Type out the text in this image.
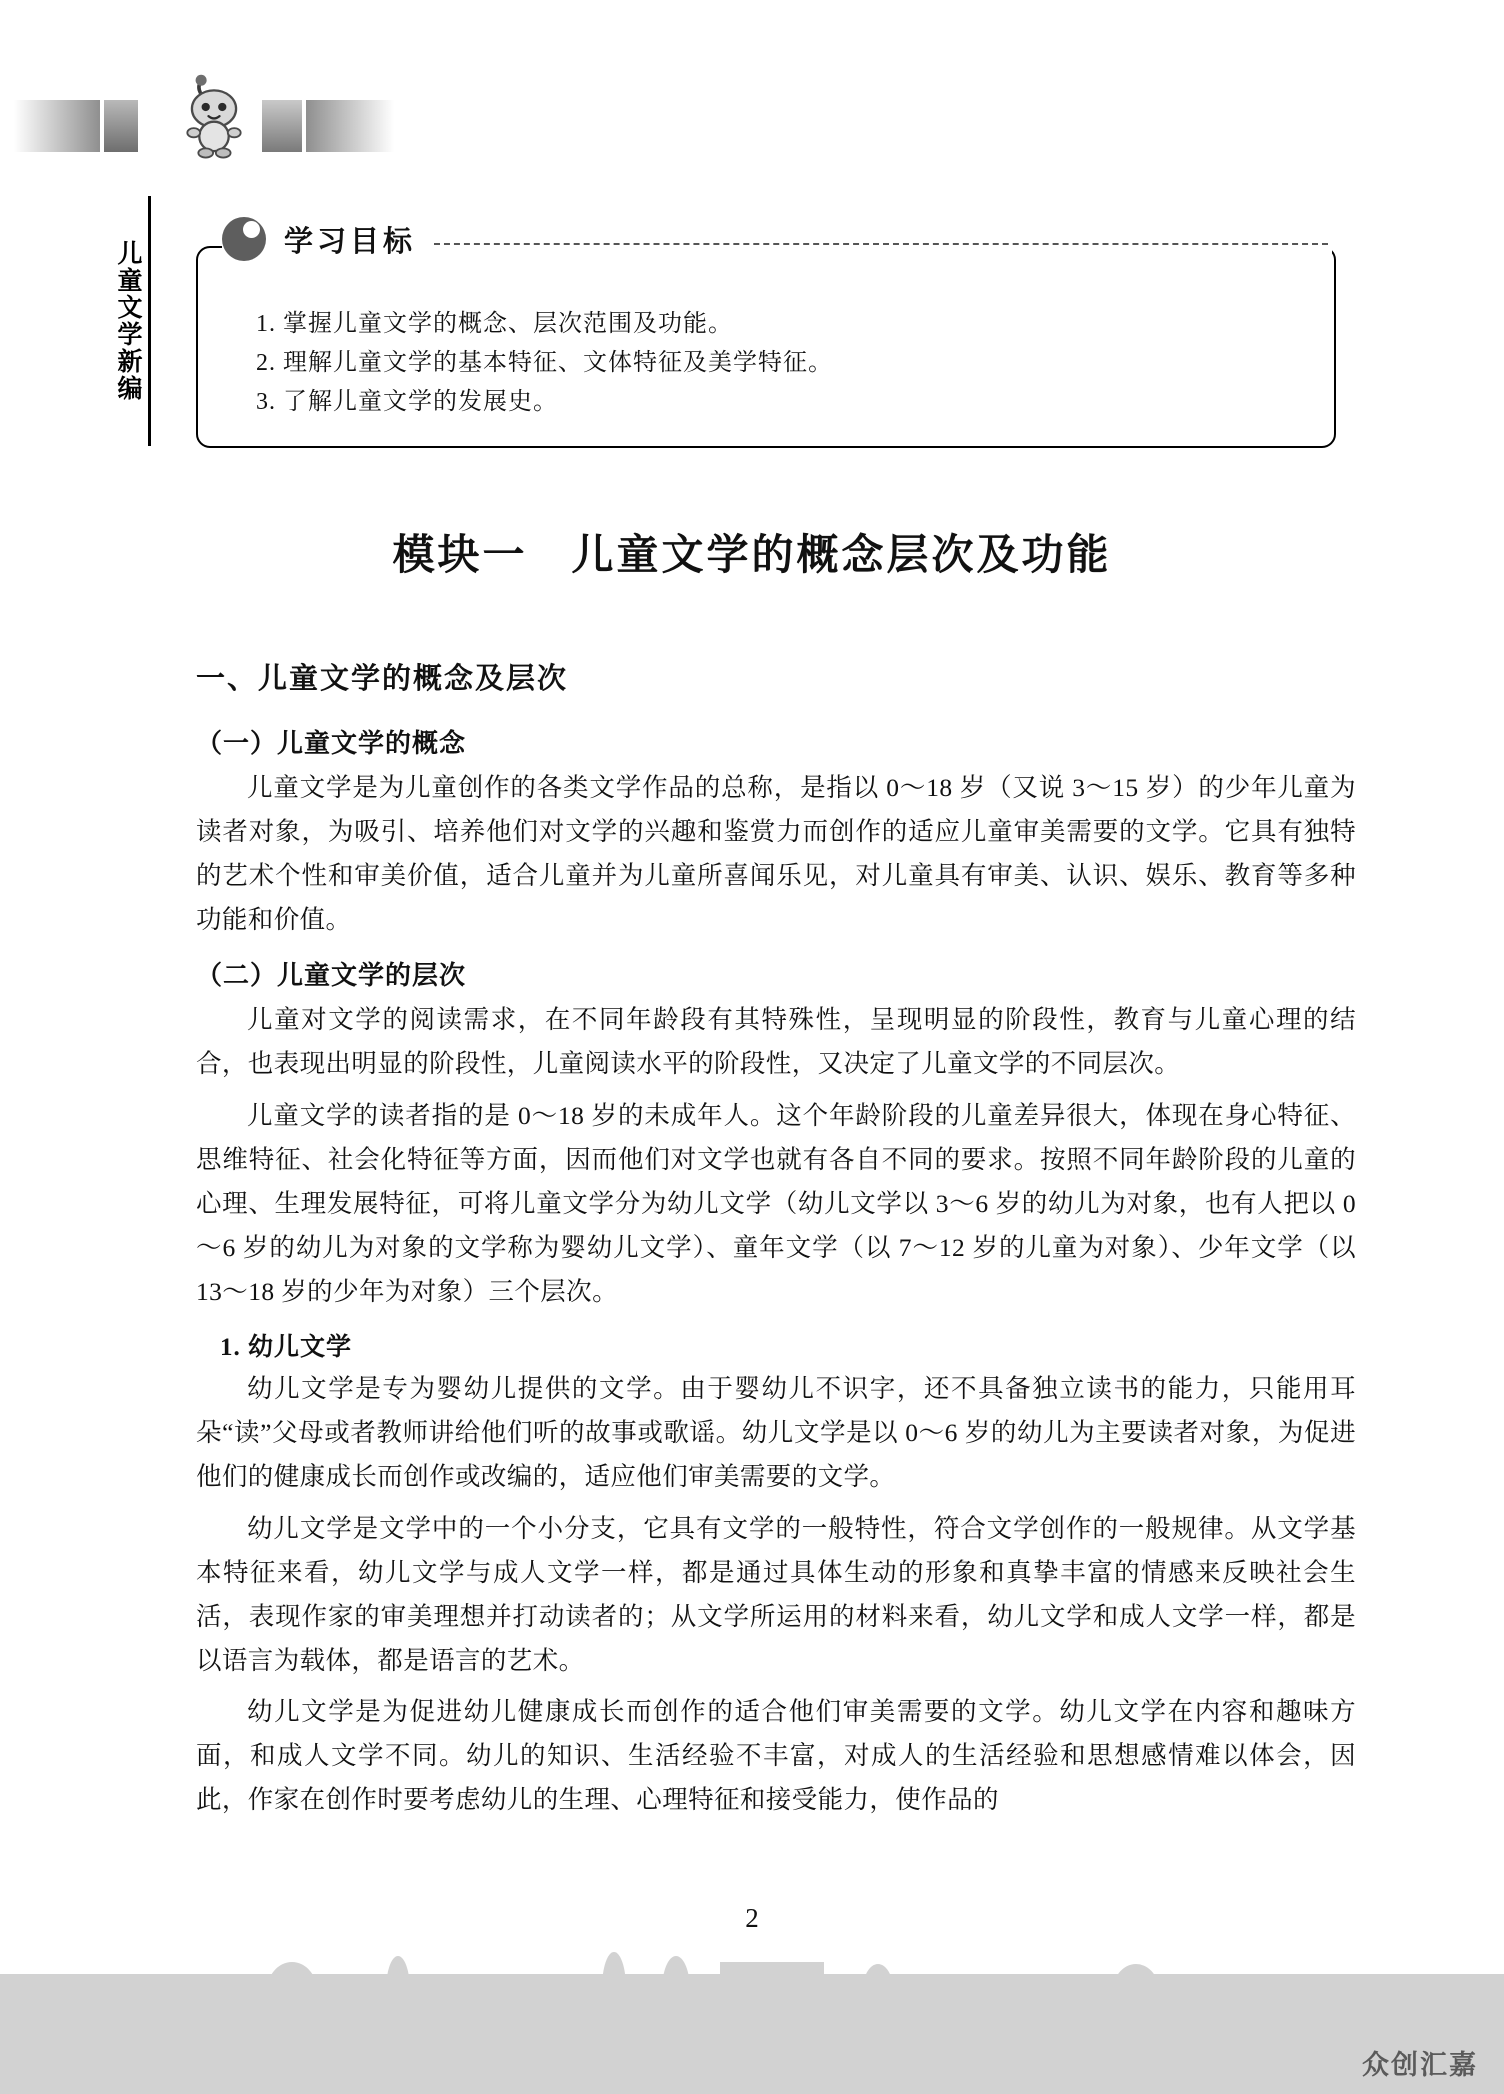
儿童文学新编	学习目标
1. 掌握儿童文学的概念、层次范围及功能。
2. 理解儿童文学的基本特征、文体特征及美学特征。
3. 了解儿童文学的发展史。
模块一 儿童文学的概念层次及功能
一、儿童文学的概念及层次
（一）儿童文学的概念

儿童文学是为儿童创作的各类文学作品的总称，是指以 0～18 岁（又说 3～15 岁）的少年儿童为读者对象，为吸引、培养他们对文学的兴趣和鉴赏力而创作的适应儿童审美需要的文学。它具有独特的艺术个性和审美价值，适合儿童并为儿童所喜闻乐见，对儿童具有审美、认识、娱乐、教育等多种功能和价值。

（二）儿童文学的层次

儿童对文学的阅读需求，在不同年龄段有其特殊性，呈现明显的阶段性，教育与儿童心理的结合，也表现出明显的阶段性，儿童阅读水平的阶段性，又决定了儿童文学的不同层次。

儿童文学的读者指的是 0～18 岁的未成年人。这个年龄阶段的儿童差异很大，体现在身心特征、思维特征、社会化特征等方面，因而他们对文学也就有各自不同的要求。按照不同年龄阶段的儿童的心理、生理发展特征，可将儿童文学分为幼儿文学（幼儿文学以 3～6 岁的幼儿为对象，也有人把以 0～6 岁的幼儿为对象的文学称为婴幼儿文学）、童年文学（以 7～12 岁的儿童为对象）、少年文学（以 13～18 岁的少年为对象）三个层次。

1. 幼儿文学

幼儿文学是专为婴幼儿提供的文学。由于婴幼儿不识字，还不具备独立读书的能力，只能用耳朵“读”父母或者教师讲给他们听的故事或歌谣。幼儿文学是以 0～6 岁的幼儿为主要读者对象，为促进他们的健康成长而创作或改编的，适应他们审美需要的文学。

幼儿文学是文学中的一个小分支，它具有文学的一般特性，符合文学创作的一般规律。从文学基本特征来看，幼儿文学与成人文学一样，都是通过具体生动的形象和真挚丰富的情感来反映社会生活，表现作家的审美理想并打动读者的；从文学所运用的材料来看，幼儿文学和成人文学一样，都是以语言为载体，都是语言的艺术。

幼儿文学是为促进幼儿健康成长而创作的适合他们审美需要的文学。幼儿文学在内容和趣味方面，和成人文学不同。幼儿的知识、生活经验不丰富，对成人的生活经验和思想感情难以体会，因此，作家在创作时要考虑幼儿的生理、心理特征和接受能力，使作品的

2
众创汇嘉
